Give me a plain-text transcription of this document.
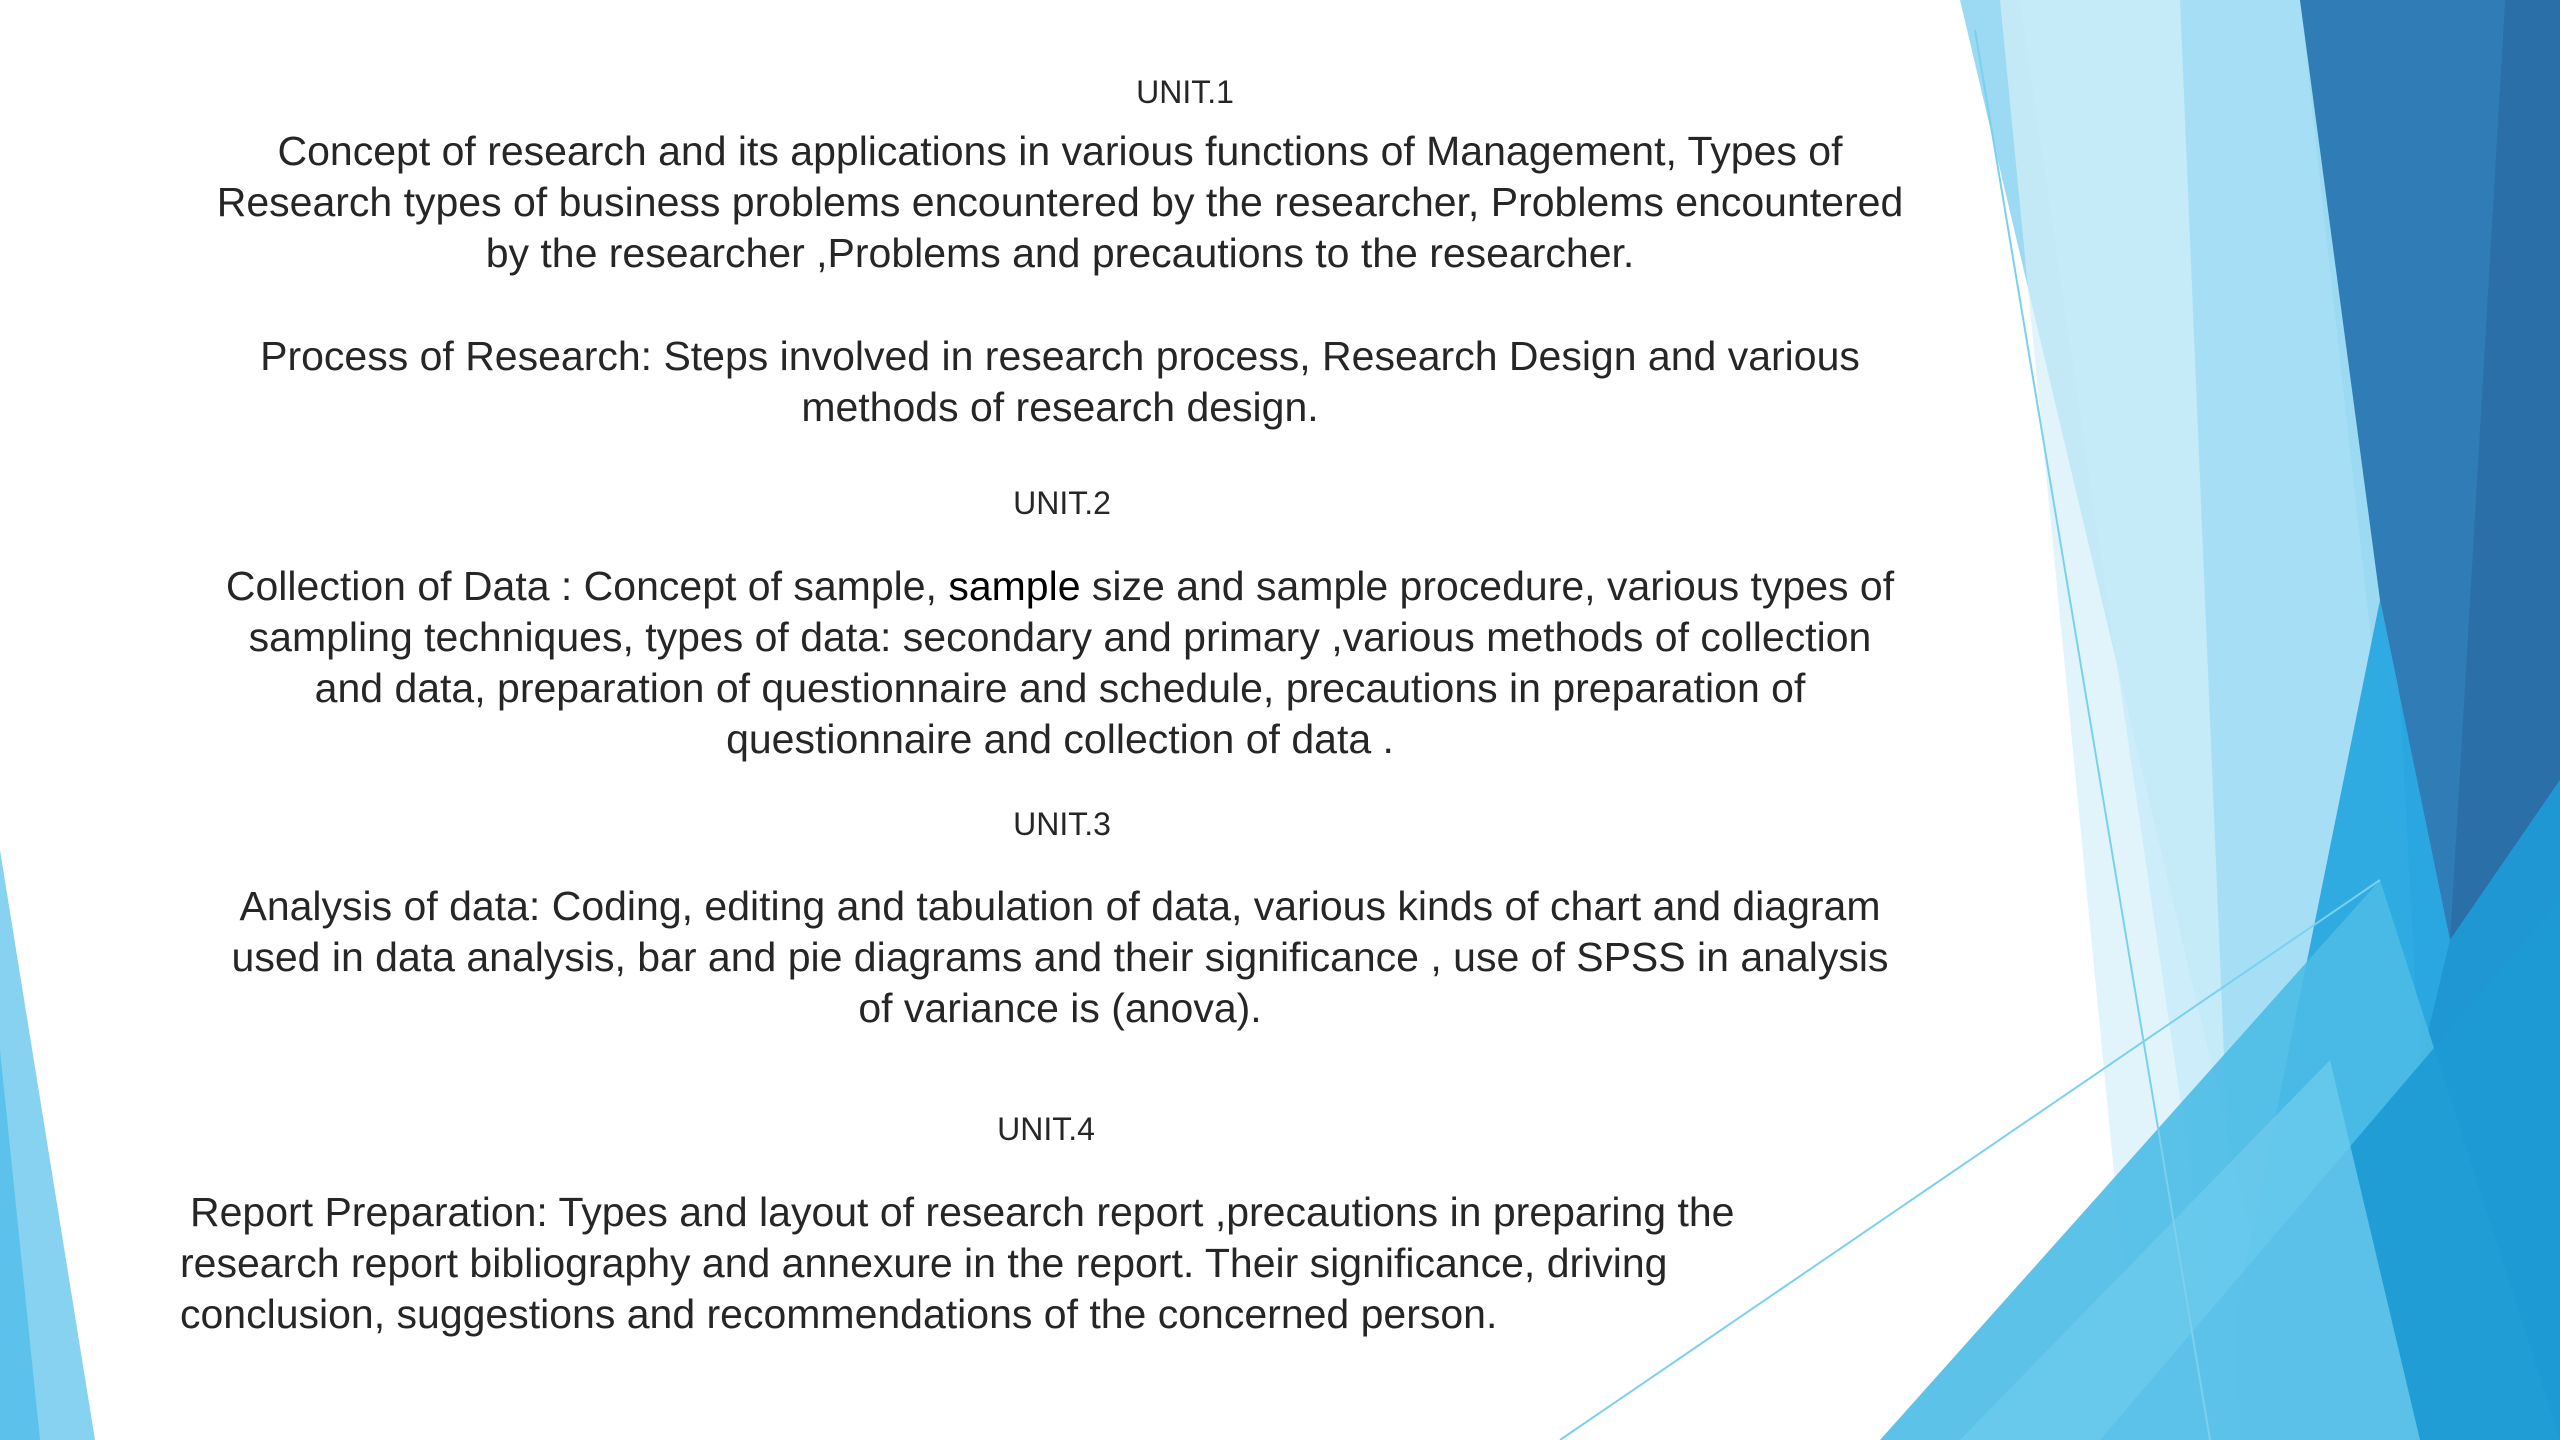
UNIT.1
Concept of research and its applications in various functions of Management, Types of
Research types of business problems encountered by the researcher, Problems encountered
by the researcher ,Problems and precautions to the researcher.
Process of Research: Steps involved in research process, Research Design and various
methods of research design.
UNIT.2
Collection of Data : Concept of sample, sample size and sample procedure, various types of
sampling techniques, types of data: secondary and primary ,various methods of collection
and data, preparation of questionnaire and schedule, precautions in preparation of
questionnaire and collection of data .
UNIT.3
Analysis of data: Coding, editing and tabulation of data, various kinds of chart and diagram
used in data analysis, bar and pie diagrams and their significance , use of SPSS in analysis
of variance is (anova).
UNIT.4
Report Preparation: Types and layout of research report ,precautions in preparing the
research report bibliography and annexure in the report. Their significance, driving
conclusion, suggestions and recommendations of the concerned person.
